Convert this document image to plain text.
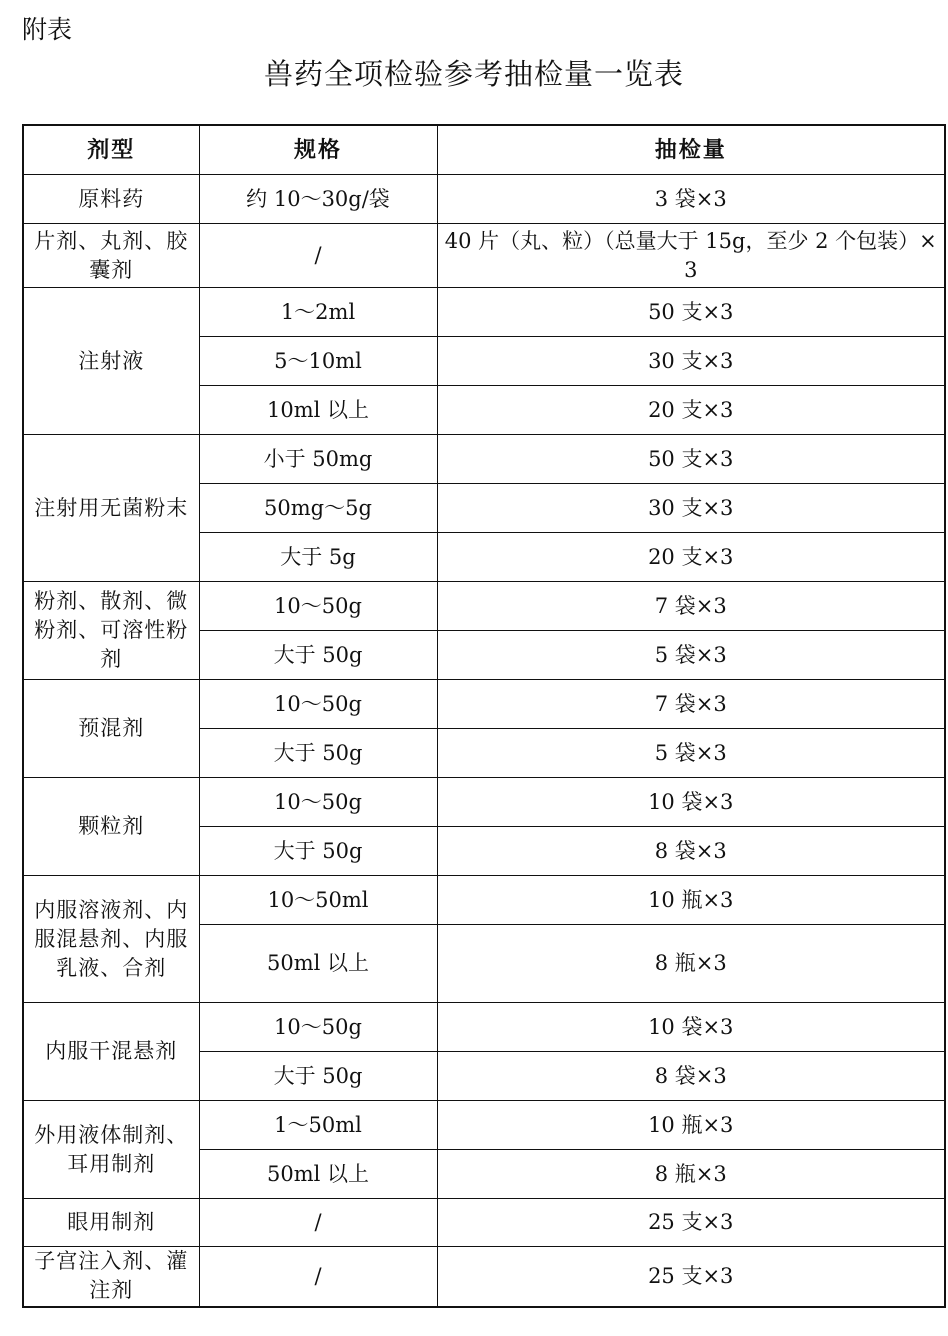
附表
兽药全项检验参考抽检量一览表
剂型	规格	抽检量
原料药	约 10～30g/袋	3 袋×3
片剂、丸剂、胶囊剂	/	40 片（丸、粒）（总量大于 15g，至少 2 个包装）×3
注射液	1～2ml	50 支×3
	5～10ml	30 支×3
	10ml 以上	20 支×3
注射用无菌粉末	小于 50mg	50 支×3
	50mg～5g	30 支×3
	大于 5g	20 支×3
粉剂、散剂、微粉剂、可溶性粉剂	10～50g	7 袋×3
	大于 50g	5 袋×3
预混剂	10～50g	7 袋×3
	大于 50g	5 袋×3
颗粒剂	10～50g	10 袋×3
	大于 50g	8 袋×3
内服溶液剂、内服混悬剂、内服乳液、合剂	10～50ml	10 瓶×3
	50ml 以上	8 瓶×3
内服干混悬剂	10～50g	10 袋×3
	大于 50g	8 袋×3
外用液体制剂、耳用制剂	1～50ml	10 瓶×3
	50ml 以上	8 瓶×3
眼用制剂	/	25 支×3
子宫注入剂、灌注剂	/	25 支×3
